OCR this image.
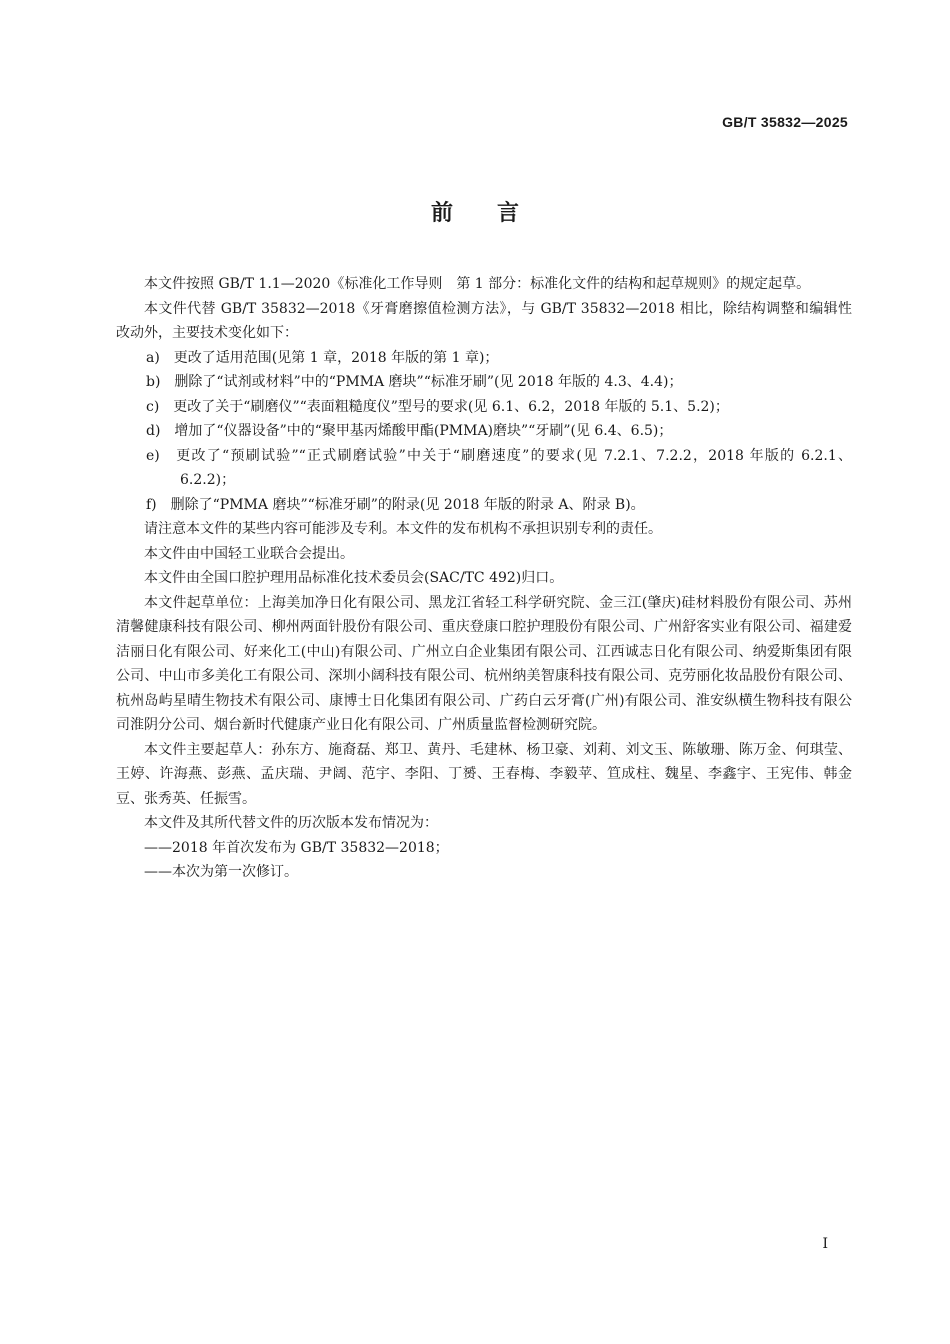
GB/T 35832—2025
前言

本文件按照 GB/T 1.1—2020《标准化工作导则　第 1 部分：标准化文件的结构和起草规则》的规定起草。

本文件代替 GB/T 35832—2018《牙膏磨擦值检测方法》，与 GB/T 35832—2018 相比，除结构调整和编辑性改动外，主要技术变化如下：

a)　更改了适用范围(见第 1 章，2018 年版的第 1 章)；

b)　删除了“试剂或材料”中的“PMMA 磨块”“标准牙刷”(见 2018 年版的 4.3、4.4)；

c)　更改了关于“刷磨仪”“表面粗糙度仪”型号的要求(见 6.1、6.2，2018 年版的 5.1、5.2)；

d)　增加了“仪器设备”中的“聚甲基丙烯酸甲酯(PMMA)磨块”“牙刷”(见 6.4、6.5)；

e)　更改了“预刷试验”“正式刷磨试验”中关于“刷磨速度”的要求(见 7.2.1、7.2.2，2018 年版的 6.2.1、6.2.2)；

f)　删除了“PMMA 磨块”“标准牙刷”的附录(见 2018 年版的附录 A、附录 B)。

请注意本文件的某些内容可能涉及专利。本文件的发布机构不承担识别专利的责任。

本文件由中国轻工业联合会提出。

本文件由全国口腔护理用品标准化技术委员会(SAC/TC 492)归口。

本文件起草单位：上海美加净日化有限公司、黑龙江省轻工科学研究院、金三江(肇庆)硅材料股份有限公司、苏州清馨健康科技有限公司、柳州两面针股份有限公司、重庆登康口腔护理股份有限公司、广州舒客实业有限公司、福建爱洁丽日化有限公司、好来化工(中山)有限公司、广州立白企业集团有限公司、江西诚志日化有限公司、纳爱斯集团有限公司、中山市多美化工有限公司、深圳小阔科技有限公司、杭州纳美智康科技有限公司、克劳丽化妆品股份有限公司、杭州岛屿星晴生物技术有限公司、康博士日化集团有限公司、广药白云牙膏(广州)有限公司、淮安纵横生物科技有限公司淮阴分公司、烟台新时代健康产业日化有限公司、广州质量监督检测研究院。

本文件主要起草人：孙东方、施裔磊、郑卫、黄丹、毛建林、杨卫豪、刘莉、刘文玉、陈敏珊、陈万金、何琪莹、王婷、许海燕、彭燕、孟庆瑞、尹阔、范宇、李阳、丁赟、王春梅、李毅苹、笪成柱、魏星、李鑫宇、王宪伟、韩金豆、张秀英、任振雪。

本文件及其所代替文件的历次版本发布情况为：

——2018 年首次发布为 GB/T 35832—2018；

——本次为第一次修订。

I
